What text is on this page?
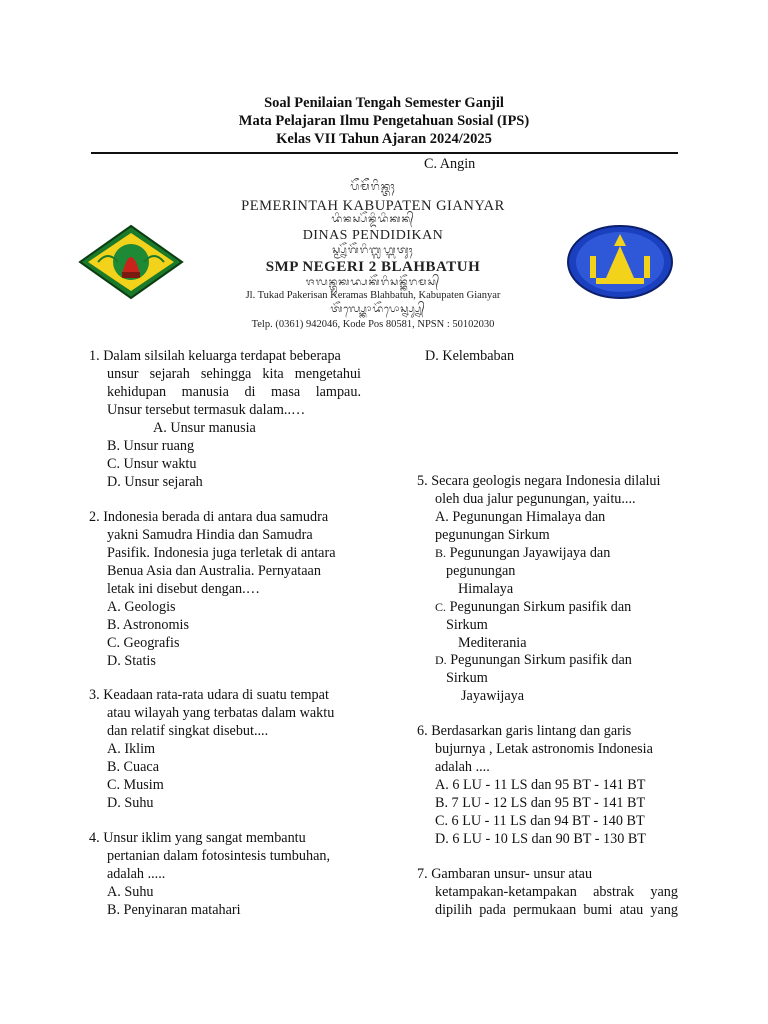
Soal Penilaian Tengah Semester Ganjil
Mata Pelajaran Ilmu Pengetahuan Sosial (IPS)
Kelas VII Tahun Ajaran 2024/2025
C. Angin
ᬧᭂᬫᭂᬭᬶᬦ᭄ᬢᬄ
PEMERINTAH KABUPATEN GIANYAR
ᬤᬶᬦᬲ᭄ᬧᭂᬦ᭄ᬤᬶᬤᬶᬓᬦ᭄
DINAS PENDIDIKAN
ᬲ᭄ᬫ᭄ᬧ᭄ᬦᭂᬕᭂᬭᬶᬩ᭄ᬮᬳ᭄ᬩᬢᬸᬄ
SMP NEGERI 2 BLAHBATUH
ᬚᬮᬦ᭄ᬢᬸᬓᬤ᭄ᬧᬓᭂᬭᬶᬲᬦ᭄ᬓᭂᬭᬫᬲ᭄
Jl. Tukad Pakerisan Keramas Blahbatuh, Kabupaten Gianyar
ᬢᭂᬮ᭄ᬧ᭄ᬓᭀᬤᭂᬧᭀᬲ᭄ᬦ᭄ᬧ᭄ᬲ᭄ᬦ᭄
Telp. (0361) 942046, Kode Pos 80581, NPSN : 50102030
1. Dalam silsilah keluarga terdapat beberapa
unsur sejarah sehingga kita mengetahui
kehidupan manusia di masa lampau.
Unsur tersebut termasuk dalam..…
A. Unsur manusia
B. Unsur ruang
C. Unsur waktu
D. Unsur sejarah
2. Indonesia berada di antara dua samudra
yakni Samudra Hindia dan Samudra
Pasifik. Indonesia juga terletak di antara
Benua Asia dan Australia. Pernyataan
letak ini disebut dengan.…
A. Geologis
B. Astronomis
C. Geografis
D. Statis
3. Keadaan rata-rata udara di suatu tempat
atau wilayah yang terbatas dalam waktu
dan relatif singkat disebut....
A. Iklim
B. Cuaca
C. Musim
D. Suhu
4. Unsur iklim yang sangat membantu
pertanian dalam fotosintesis tumbuhan,
adalah .....
A. Suhu
B. Penyinaran matahari
D. Kelembaban
5. Secara geologis negara Indonesia dilalui
oleh dua jalur pegunungan, yaitu....
A. Pegunungan Himalaya dan
pegunungan Sirkum
B. Pegunungan Jayawijaya dan
pegunungan
Himalaya
C. Pegunungan Sirkum pasifik dan
Sirkum
Mediterania
D. Pegunungan Sirkum pasifik dan
Sirkum
Jayawijaya
6. Berdasarkan garis lintang dan garis
bujurnya , Letak astronomis Indonesia
adalah ....
A. 6 LU - 11 LS dan 95 BT - 141 BT
B. 7 LU - 12 LS dan 95 BT - 141 BT
C. 6 LU - 11 LS dan 94 BT - 140 BT
D. 6 LU - 10 LS dan 90 BT - 130 BT
7. Gambaran unsur- unsur atau
ketampakan-ketampakan abstrak yang
dipilih pada permukaan bumi atau yang
